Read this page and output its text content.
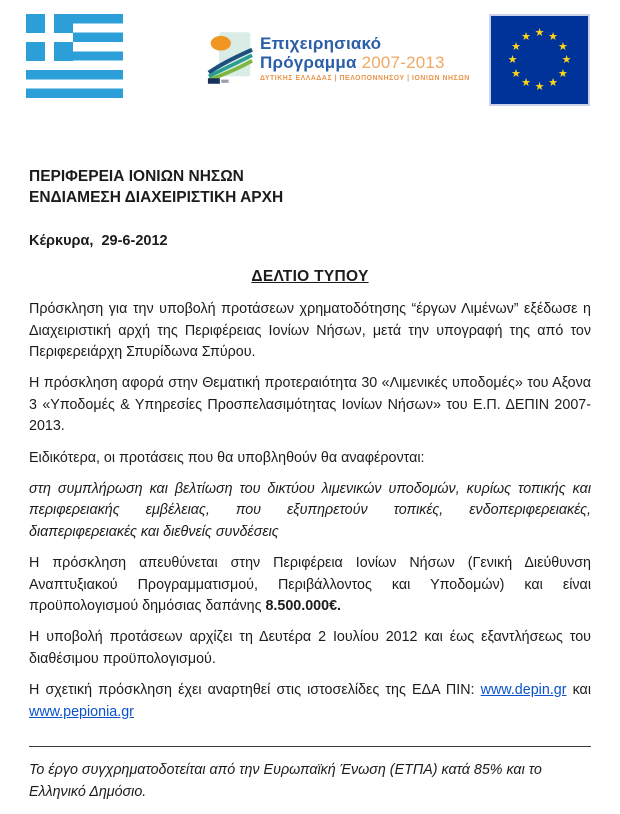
Επιχειρησιακό
Πρόγραμμα 2007-2013
ΔΥΤΙΚΗΣ ΕΛΛΑΔΑΣ | ΠΕΛΟΠΟΝΝΗΣΟΥ | ΙΟΝΙΩΝ ΝΗΣΩΝ
ΠΕΡΙΦΕΡΕΙΑ ΙΟΝΙΩΝ ΝΗΣΩΝ
ΕΝΔΙΑΜΕΣΗ ΔΙΑΧΕΙΡΙΣΤΙΚΗ ΑΡΧΗ
Κέρκυρα,  29-6-2012
ΔΕΛΤΙΟ ΤΥΠΟΥ

Πρόσκληση για την υποβολή προτάσεων χρηματοδότησης “έργων Λιμένων” εξέδωσε η Διαχειριστική αρχή της Περιφέρειας Ιονίων Νήσων, μετά την υπογραφή της από τον Περιφερειάρχη Σπυρίδωνα Σπύρου.

Η πρόσκληση αφορά στην Θεματική προτεραιότητα 30 «Λιμενικές υποδομές» του Αξονα 3 «Υποδομές & Υπηρεσίες Προσπελασιμότητας Ιονίων Νήσων» του Ε.Π. ΔΕΠΙΝ 2007-2013.

Ειδικότερα, οι προτάσεις που θα υποβληθούν θα αναφέρονται:

στη συμπλήρωση και βελτίωση του δικτύου λιμενικών υποδομών, κυρίως τοπικής και περιφερειακής εμβέλειας, που εξυπηρετούν τοπικές, ενδοπεριφερειακές, διαπεριφερειακές και διεθνείς συνδέσεις

Η πρόσκληση απευθύνεται στην Περιφέρεια Ιονίων Νήσων (Γενική Διεύθυνση Αναπτυξιακού Προγραμματισμού, Περιβάλλοντος και Υποδομών) και είναι προϋπολογισμού δημόσιας δαπάνης 8.500.000€.

Η υποβολή προτάσεων αρχίζει τη Δευτέρα 2 Ιουλίου 2012 και έως εξαντλήσεως του διαθέσιμου προϋπολογισμού.

Η σχετική πρόσκληση έχει αναρτηθεί στις ιστοσελίδες της ΕΔΑ ΠΙΝ: www.depin.gr και www.pepionia.gr

Το έργο συγχρηματοδοτείται από την Ευρωπαϊκή Ένωση (ΕΤΠΑ) κατά 85% και το Ελληνικό Δημόσιο.
